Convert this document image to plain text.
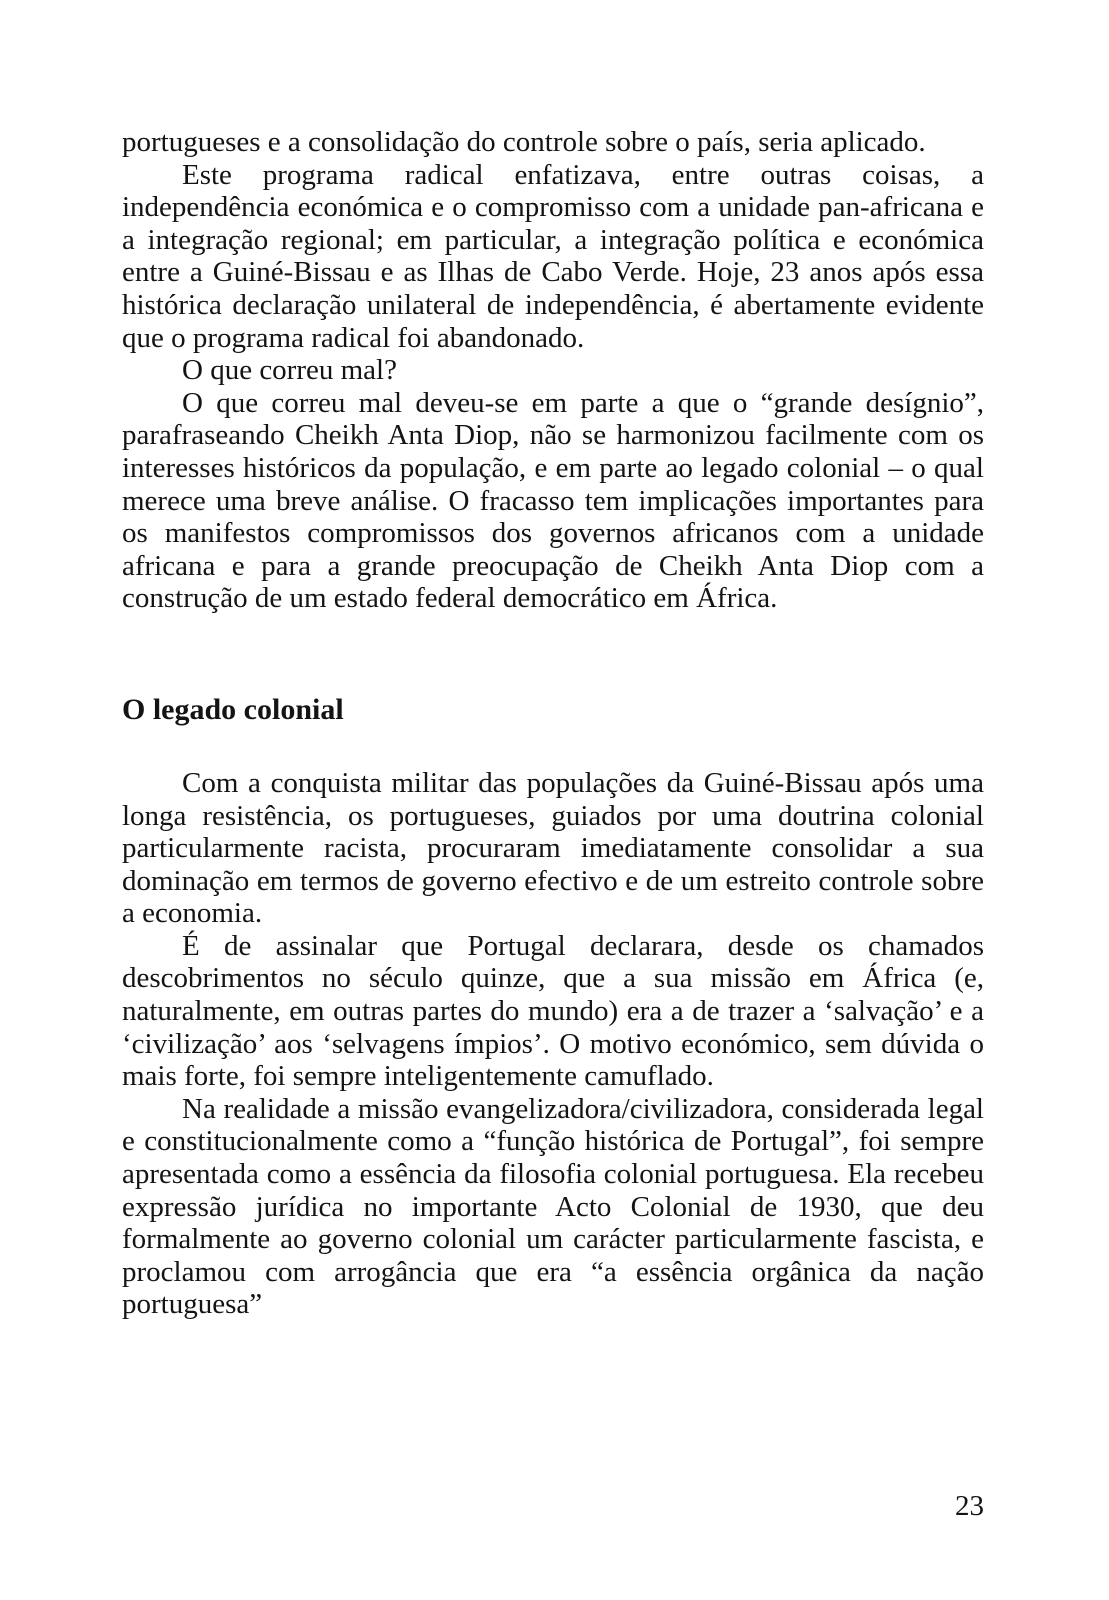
portugueses e a consolidação do controle sobre o país, seria aplicado.

Este programa radical enfatizava, entre outras coisas, a independência económica e o compromisso com a unidade pan-africana e a integração regional; em particular, a integração política e económica entre a Guiné-Bissau e as Ilhas de Cabo Verde. Hoje, 23 anos após essa histórica declaração unilateral de independência, é abertamente evidente que o programa radical foi abandonado.

O que correu mal?

O que correu mal deveu-se em parte a que o “grande desígnio”, parafraseando Cheikh Anta Diop, não se harmonizou facilmente com os interesses históricos da população, e em parte ao legado colonial – o qual merece uma breve análise. O fracasso tem implicações importantes para os manifestos compromissos dos governos africanos com a unidade africana e para a grande preocupação de Cheikh Anta Diop com a construção de um estado federal democrático em África.

O legado colonial

Com a conquista militar das populações da Guiné-Bissau após uma longa resistência, os portugueses, guiados por uma doutrina colonial particularmente racista, procuraram imediatamente consolidar a sua dominação em termos de governo efectivo e de um estreito controle sobre a economia.

É de assinalar que Portugal declarara, desde os chamados descobrimentos no século quinze, que a sua missão em África (e, naturalmente, em outras partes do mundo) era a de trazer a ‘salvação’ e a ‘civilização’ aos ‘selvagens ímpios’. O motivo económico, sem dúvida o mais forte, foi sempre inteligentemente camuflado.

Na realidade a missão evangelizadora/civilizadora, considerada legal e constitucionalmente como a “função histórica de Portugal”, foi sempre apresentada como a essência da filosofia colonial portuguesa. Ela recebeu expressão jurídica no importante Acto Colonial de 1930, que deu formalmente ao governo colonial um carácter particularmente fascista, e proclamou com arrogância que era “a essência orgânica da nação portuguesa”

23
